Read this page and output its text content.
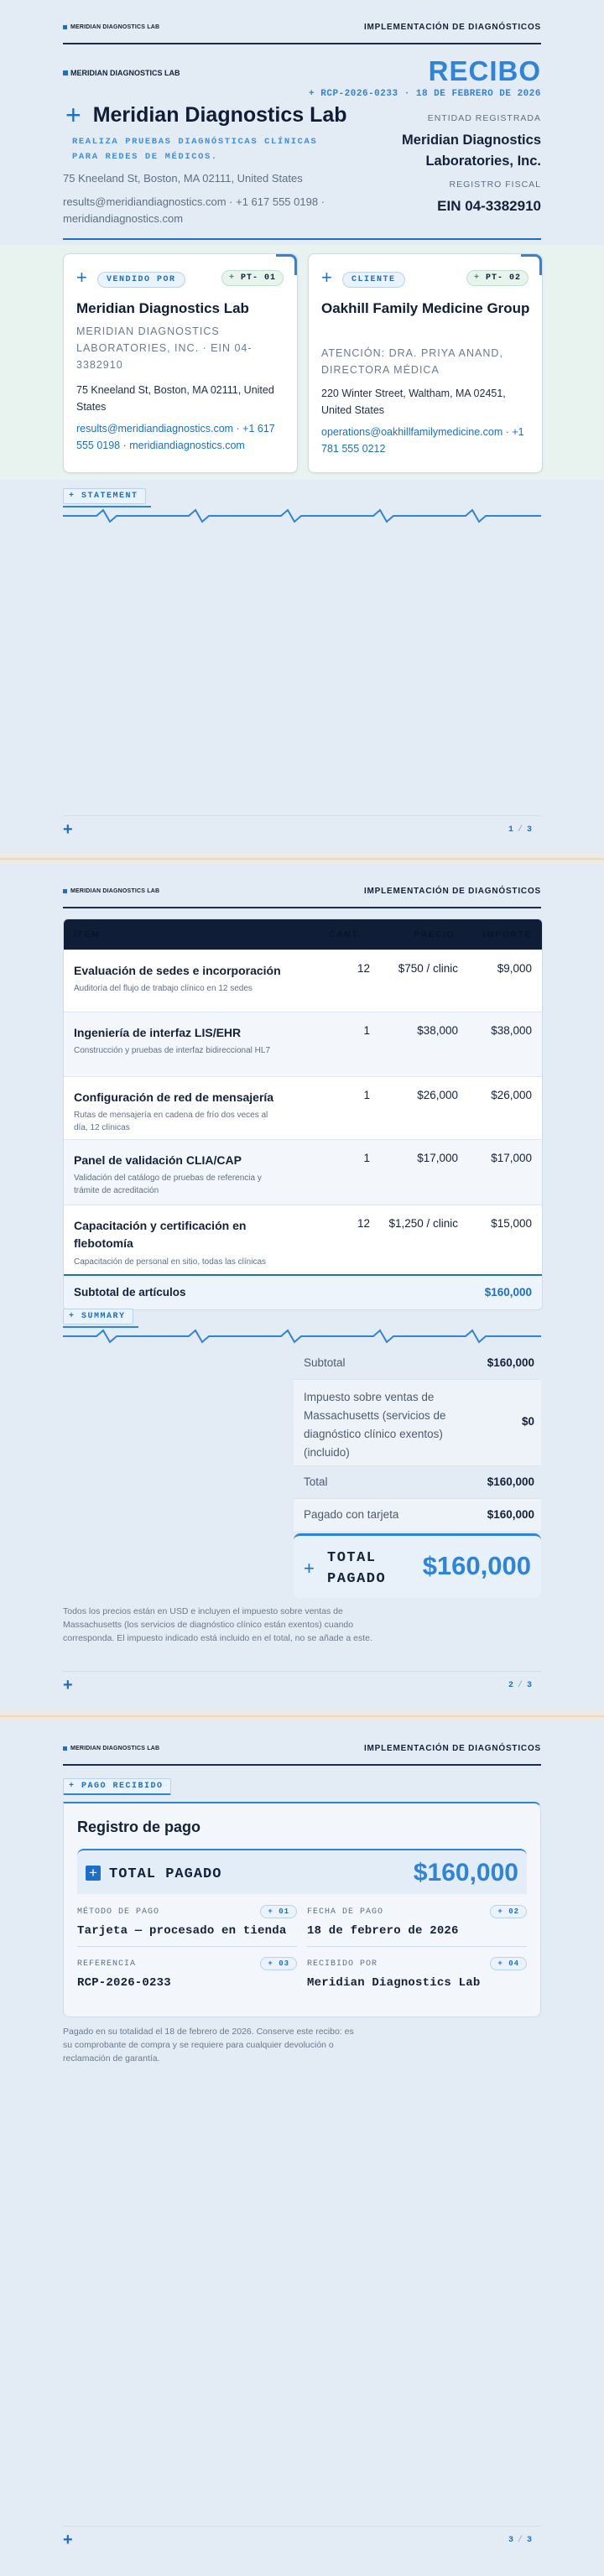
MERIDIAN DIAGNOSTICS LAB	IMPLEMENTACIÓN DE DIAGNÓSTICOS
MERIDIAN DIAGNOSTICS LAB
+ Meridian Diagnostics Lab
REALIZA PRUEBAS DIAGNÓSTICAS CLÍNICAS PARA REDES DE MÉDICOS.
75 Kneeland St, Boston, MA 02111, United States
results@meridiandiagnostics.com · +1 617 555 0198 · meridiandiagnostics.com
RECIBO
+ RCP-2026-0233 · 18 DE FEBRERO DE 2026
ENTIDAD REGISTRADA
Meridian Diagnostics Laboratories, Inc.
REGISTRO FISCAL
EIN 04-3382910
+	VENDIDO POR	+ PT- 01
Meridian Diagnostics Lab
MERIDIAN DIAGNOSTICS LABORATORIES, INC. · EIN 04-3382910
75 Kneeland St, Boston, MA 02111, United States
results@meridiandiagnostics.com · +1 617 555 0198 · meridiandiagnostics.com
+	CLIENTE	+ PT- 02
Oakhill Family Medicine Group
ATENCIÓN: DRA. PRIYA ANAND, DIRECTORA MÉDICA
220 Winter Street, Waltham, MA 02451, United States
operations@oakhillfamilymedicine.com · +1 781 555 0212
+ STATEMENT
+	1 / 3
MERIDIAN DIAGNOSTICS LAB	IMPLEMENTACIÓN DE DIAGNÓSTICOS
ÍTEM	CANT.	PRECIO	IMPORTE
Evaluación de sedes e incorporación
Auditoría del flujo de trabajo clínico en 12 sedes
12	$750 / clinic	$9,000
Ingeniería de interfaz LIS/EHR
Construcción y pruebas de interfaz bidireccional HL7
1	$38,000	$38,000
Configuración de red de mensajería
Rutas de mensajería en cadena de frío dos veces al día, 12 clínicas
1	$26,000	$26,000
Panel de validación CLIA/CAP
Validación del catálogo de pruebas de referencia y trámite de acreditación
1	$17,000	$17,000
Capacitación y certificación en flebotomía
Capacitación de personal en sitio, todas las clínicas
12	$1,250 / clinic	$15,000
Subtotal de artículos	$160,000
+ SUMMARY
Subtotal	$160,000
Impuesto sobre ventas de Massachusetts (servicios de diagnóstico clínico exentos) (incluido)
$0
Total	$160,000
Pagado con tarjeta	$160,000
+ TOTAL PAGADO	$160,000
Todos los precios están en USD e incluyen el impuesto sobre ventas de Massachusetts (los servicios de diagnóstico clínico están exentos) cuando corresponda. El impuesto indicado está incluido en el total, no se añade a este.
+	2 / 3
MERIDIAN DIAGNOSTICS LAB	IMPLEMENTACIÓN DE DIAGNÓSTICOS
+ PAGO RECIBIDO
Registro de pago
+ TOTAL PAGADO	$160,000
MÉTODO DE PAGO	+ 01
Tarjeta — procesado en tienda
FECHA DE PAGO	+ 02
18 de febrero de 2026
REFERENCIA	+ 03
RCP-2026-0233
RECIBIDO POR	+ 04
Meridian Diagnostics Lab
Pagado en su totalidad el 18 de febrero de 2026. Conserve este recibo: es su comprobante de compra y se requiere para cualquier devolución o reclamación de garantía.
+	3 / 3
